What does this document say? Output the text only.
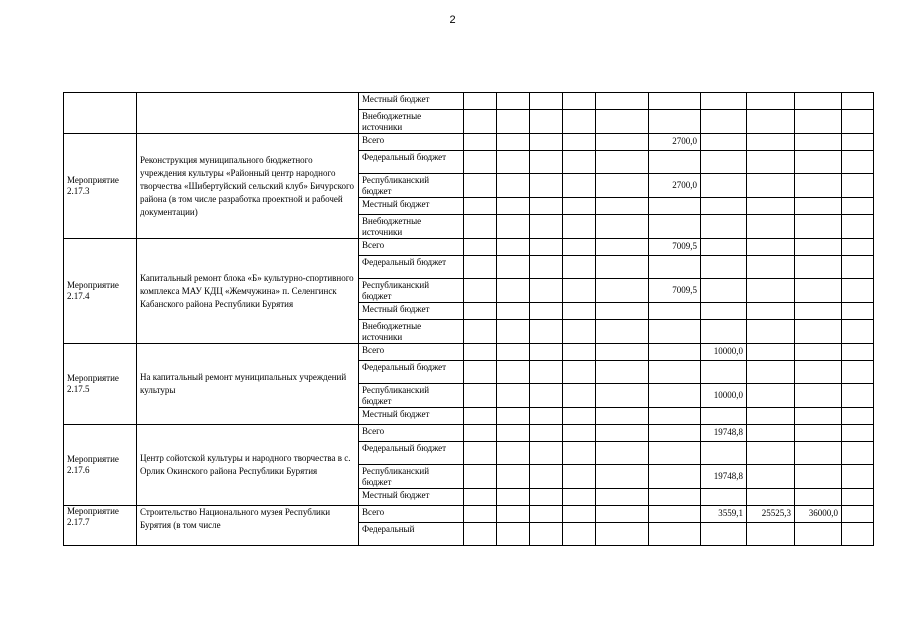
2
		Местный бюджет										
		Внебюджетные источники										
Мероприятие 2.17.3	Реконструкция муниципального бюджетного учреждения культуры «Районный центр народного творчества «Шибертуйский сельский клуб» Бичурского района (в том числе разработка проектной и рабочей документации)	Всего						2700,0				
		Федеральный бюджет										
		Республиканский бюджет						2700,0				
		Местный бюджет										
		Внебюджетные источники										
Мероприятие 2.17.4	Капитальный ремонт блока «Б» культурно-спортивного комплекса МАУ КДЦ «Жемчужина» п. Селенгинск Кабанского района Республики Бурятия	Всего						7009,5				
		Федеральный бюджет										
		Республиканский бюджет						7009,5				
		Местный бюджет										
		Внебюджетные источники										
Мероприятие 2.17.5	На капитальный ремонт муниципальных учреждений культуры	Всего							10000,0			
		Федеральный бюджет										
		Республиканский бюджет							10000,0			
		Местный бюджет										
Мероприятие 2.17.6	Центр сойотской культуры и народного творчества в с. Орлик Окинского района Республики Бурятия	Всего							19748,8			
		Федеральный бюджет										
		Республиканский бюджет							19748,8			
		Местный бюджет										
Мероприятие 2.17.7	Строительство Национального музея Республики Бурятия (в том числе	Всего							3559,1	25525,3	36000,0	
		Федеральный										
